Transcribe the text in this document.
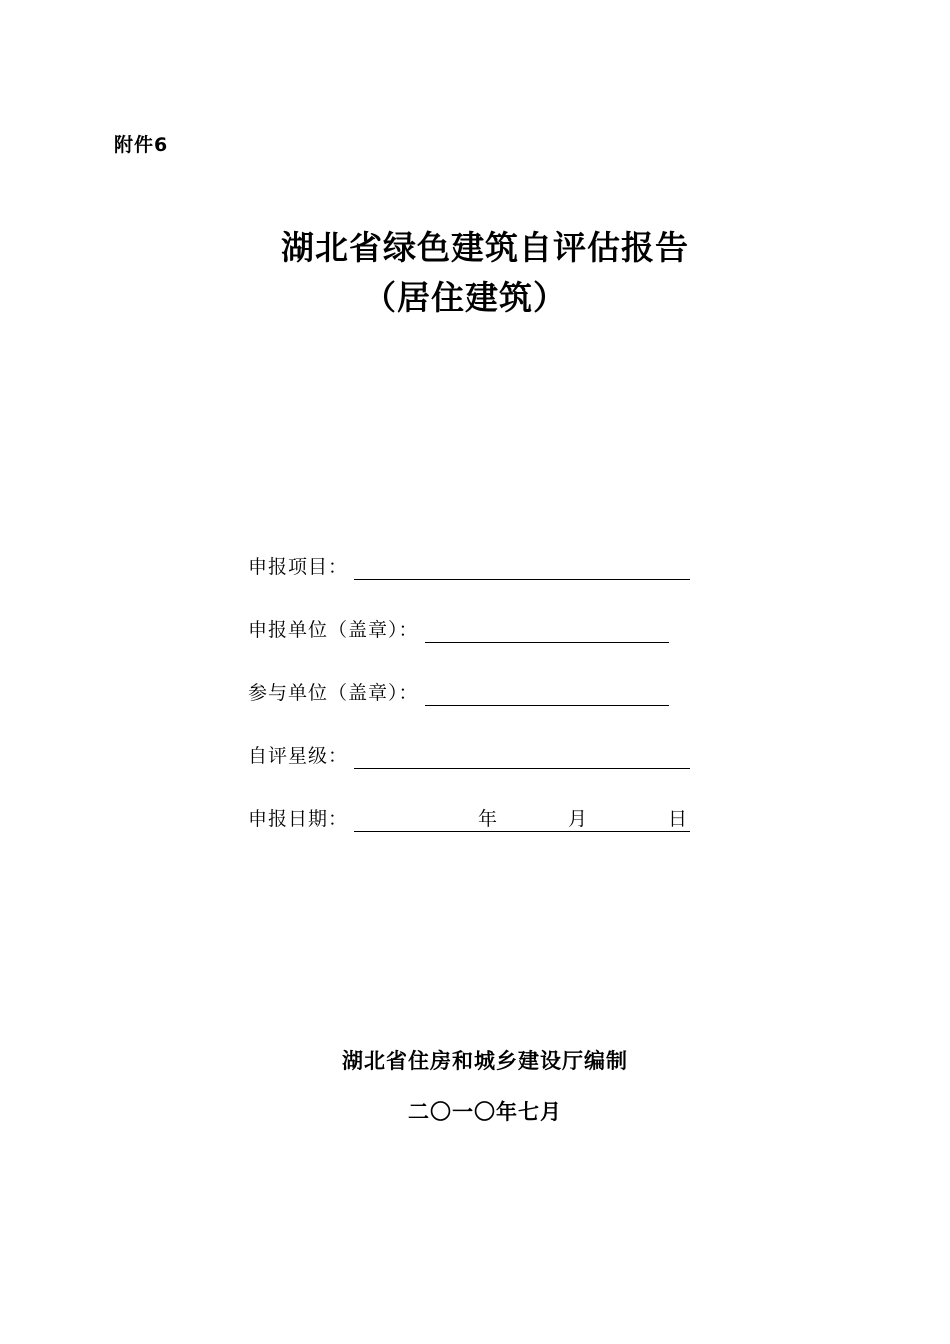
附件6
湖北省绿色建筑自评估报告
（居住建筑）
申报项目：
申报单位（盖章）：
参与单位（盖章）：
自评星级：
申报日期：	年	月	日
湖北省住房和城乡建设厅编制
二〇一〇年七月
